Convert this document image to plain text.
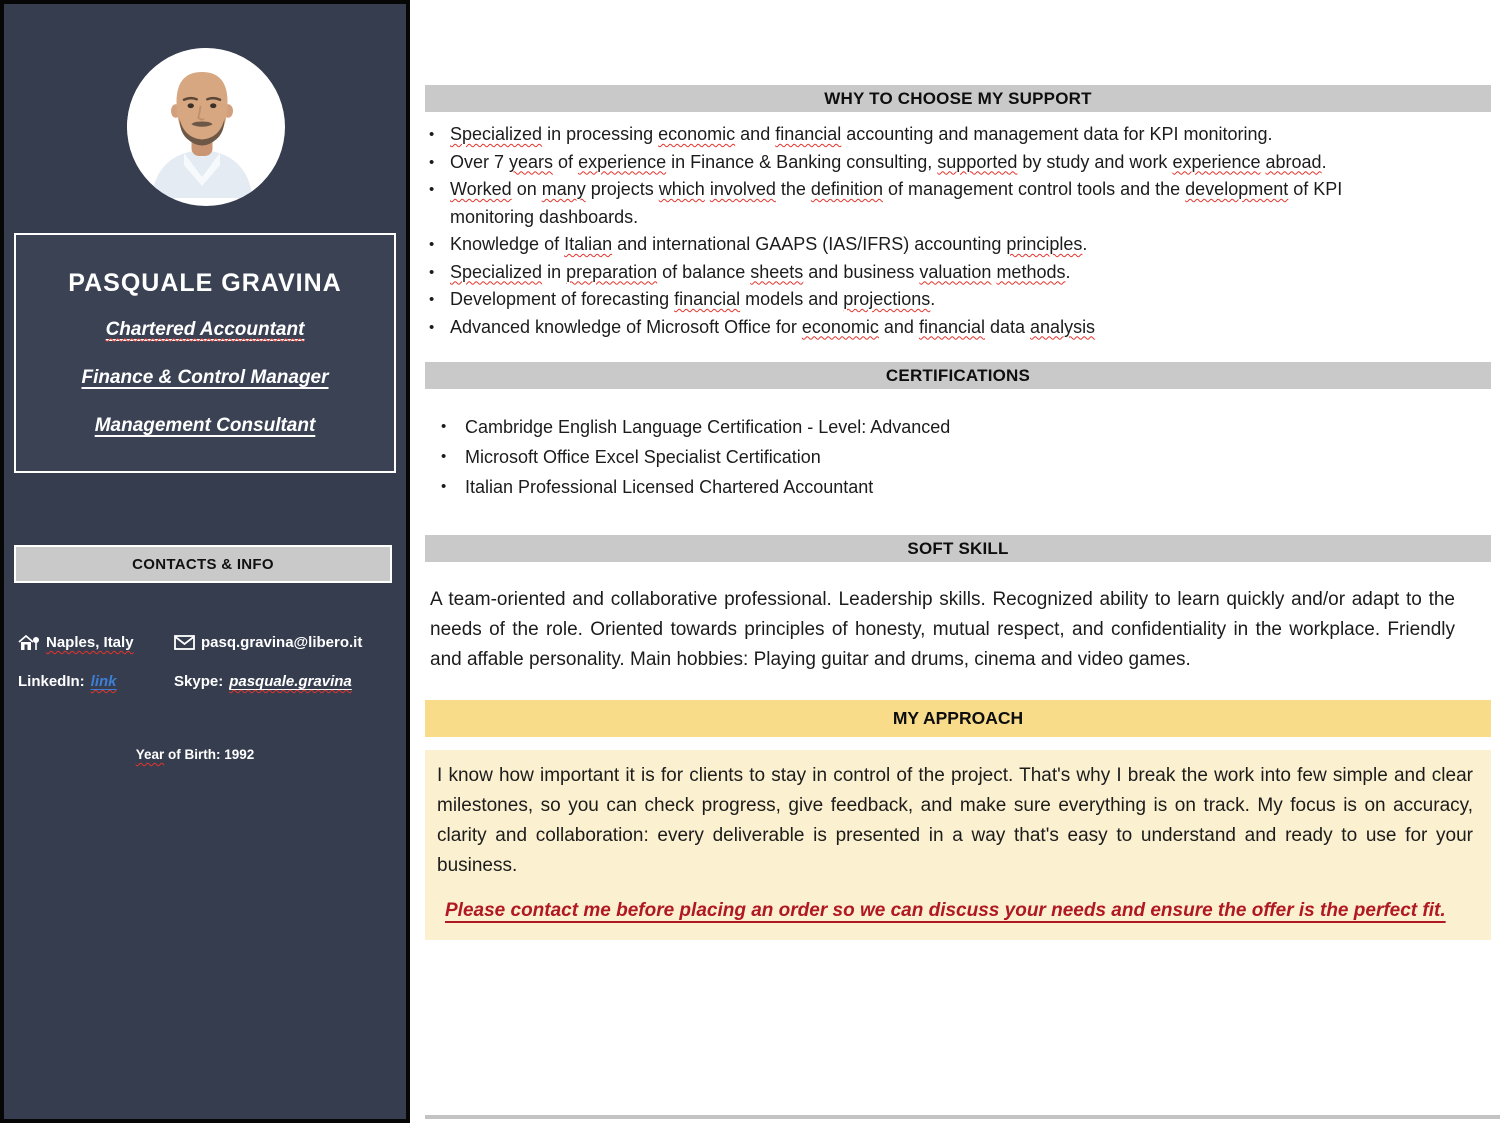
PASQUALE GRAVINA
Chartered Accountant
Finance & Control Manager
Management Consultant
CONTACTS & INFO
Naples, Italy	pasq.gravina@libero.it
LinkedIn: link	Skype: pasquale.gravina
Year of Birth: 1992
WHY TO CHOOSE MY SUPPORT
• Specialized in processing economic and financial accounting and management data for KPI monitoring.
• Over 7 years of experience in Finance & Banking consulting, supported by study and work experience abroad.
• Worked on many projects which involved the definition of management control tools and the development of KPI monitoring dashboards.
• Knowledge of Italian and international GAAPS (IAS/IFRS) accounting principles.
• Specialized in preparation of balance sheets and business valuation methods.
• Development of forecasting financial models and projections.
• Advanced knowledge of Microsoft Office for economic and financial data analysis
CERTIFICATIONS
• Cambridge English Language Certification - Level: Advanced
• Microsoft Office Excel Specialist Certification
• Italian Professional Licensed Chartered Accountant
SOFT SKILL

A team-oriented and collaborative professional. Leadership skills. Recognized ability to learn quickly and/or adapt to the needs of the role. Oriented towards principles of honesty, mutual respect, and confidentiality in the workplace. Friendly and affable personality. Main hobbies: Playing guitar and drums, cinema and video games.

MY APPROACH

I know how important it is for clients to stay in control of the project. That's why I break the work into few simple and clear milestones, so you can check progress, give feedback, and make sure everything is on track. My focus is on accuracy, clarity and collaboration: every deliverable is presented in a way that's easy to understand and ready to use for your business.

Please contact me before placing an order so we can discuss your needs and ensure the offer is the perfect fit.
